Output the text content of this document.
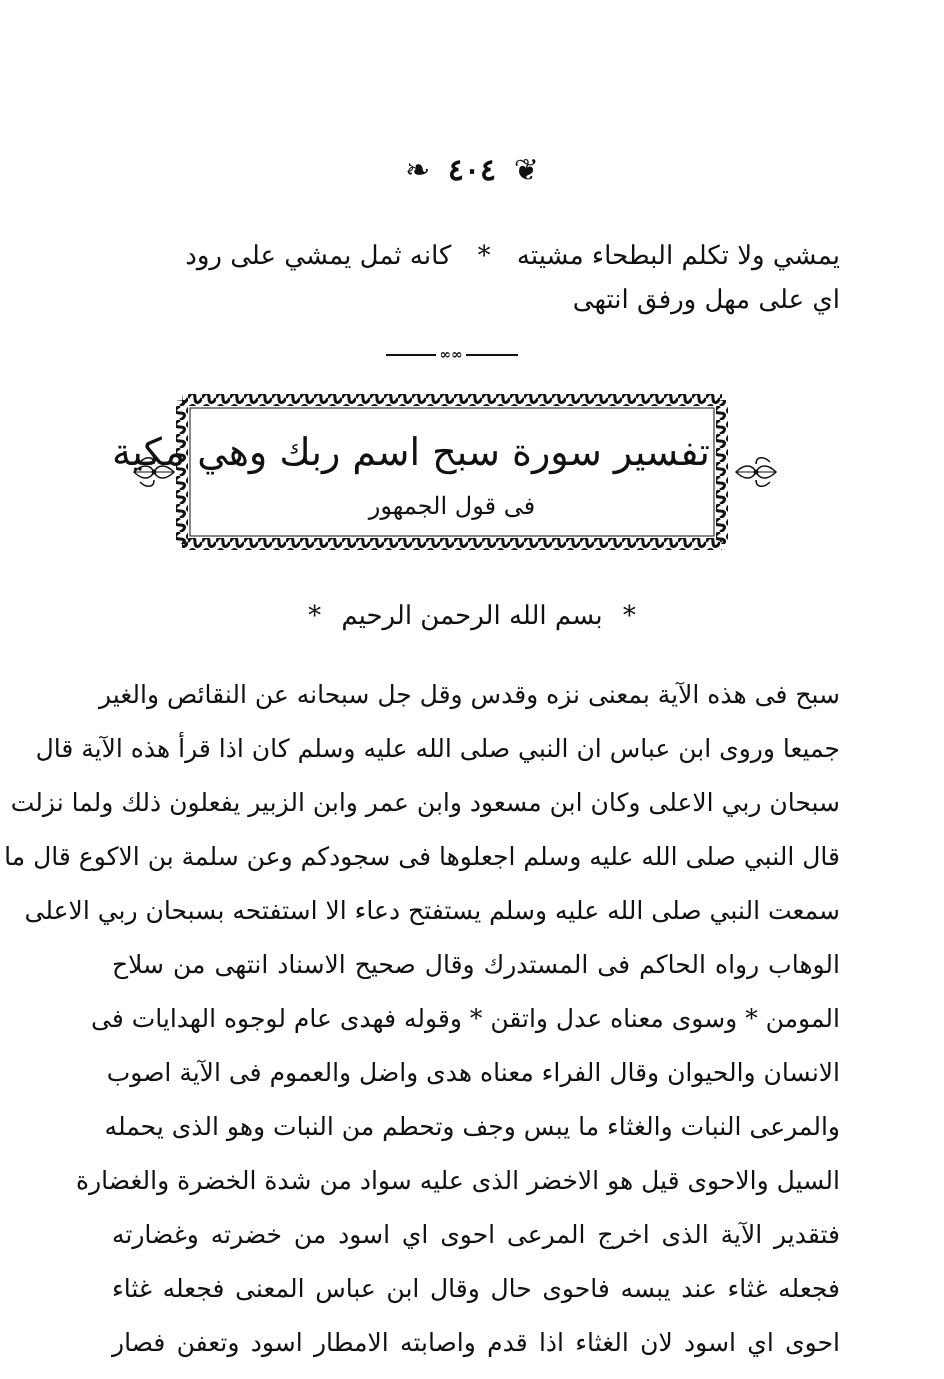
❦ ٤٠٤ ❧
يمشي ولا تكلم البطحاء مشيته * كانه ثمل يمشي على رود
اي على مهل ورفق انتهى
∞∞
تفسير سورة سبح اسم ربك وهي مكية
فى قول الجمهور
* بسم الله الرحمن الرحيم *
سبح فى هذه الآية بمعنى نزه وقدس وقل جل سبحانه عن النقائص والغير
جميعا وروى ابن عباس ان النبي صلى الله عليه وسلم كان اذا قرأ هذه الآية قال
سبحان ربي الاعلى وكان ابن مسعود وابن عمر وابن الزبير يفعلون ذلك ولما نزلت
قال النبي صلى الله عليه وسلم اجعلوها فى سجودكم وعن سلمة بن الاكوع قال ما
سمعت النبي صلى الله عليه وسلم يستفتح دعاء الا استفتحه بسبحان ربي الاعلى
الوهاب رواه الحاكم فى المستدرك وقال صحيح الاسناد انتهى من سلاح
المومن * وسوى معناه عدل واتقن * وقوله فهدى عام لوجوه الهدايات فى
الانسان والحيوان وقال الفراء معناه هدى واضل والعموم فى الآية اصوب
والمرعى النبات والغثاء ما يبس وجف وتحطم من النبات وهو الذى يحمله
السيل والاحوى قيل هو الاخضر الذى عليه سواد من شدة الخضرة والغضارة
فتقدير الآية الذى اخرج المرعى احوى اي اسود من خضرته وغضارته
فجعله غثاء عند يبسه فاحوى حال وقال ابن عباس المعنى فجعله غثاء
احوى اي اسود لان الغثاء اذا قدم واصابته الامطار اسود وتعفن فصار
